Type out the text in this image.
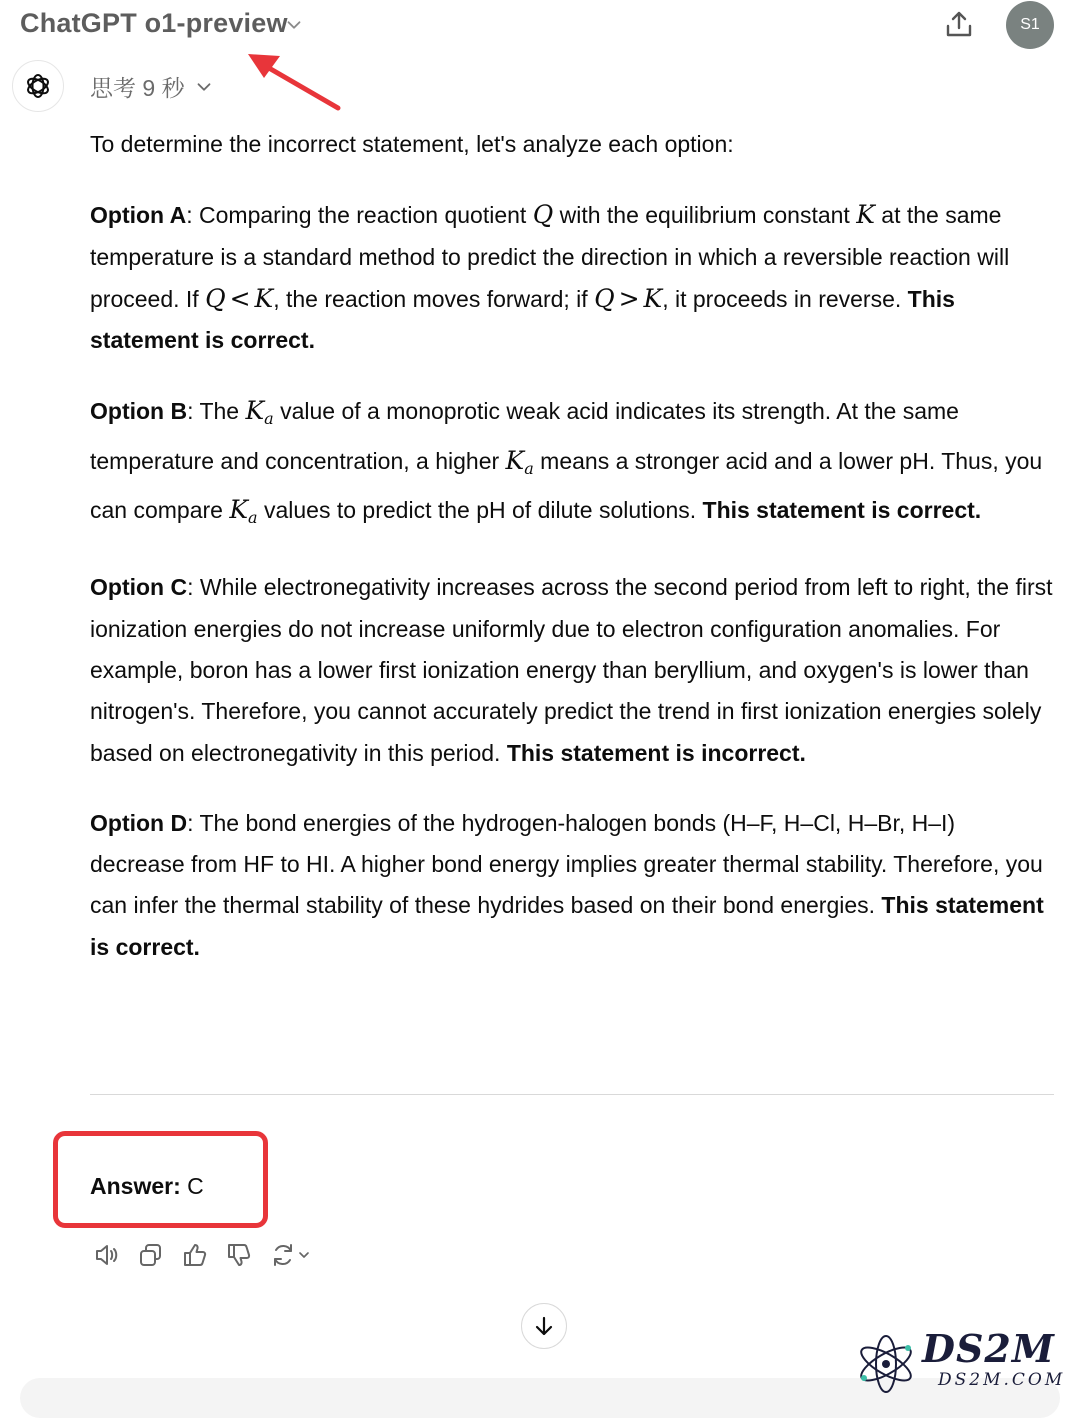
ChatGPT o1-preview	S1
思考 9 秒

To determine the incorrect statement, let's analyze each option:

Option A: Comparing the reaction quotient Q with the equilibrium constant K at the same temperature is a standard method to predict the direction in which a reversible reaction will proceed. If Q < K, the reaction moves forward; if Q > K, it proceeds in reverse. This statement is correct.

Option B: The $K_a$ value of a monoprotic weak acid indicates its strength. At the same temperature and concentration, a higher $K_a$ means a stronger acid and a lower pH. Thus, you can compare $K_a$ values to predict the pH of dilute solutions. This statement is correct.

Option C: While electronegativity increases across the second period from left to right, the first ionization energies do not increase uniformly due to electron configuration anomalies. For example, boron has a lower first ionization energy than beryllium, and oxygen's is lower than nitrogen's. Therefore, you cannot accurately predict the trend in first ionization energies solely based on electronegativity in this period. This statement is incorrect.

Option D: The bond energies of the hydrogen-halogen bonds (H–F, H–Cl, H–Br, H–I) decrease from HF to HI. A higher bond energy implies greater thermal stability. Therefore, you can infer the thermal stability of these hydrides based on their bond energies. This statement is correct.

Answer: C
DS2M
DS2M.COM
